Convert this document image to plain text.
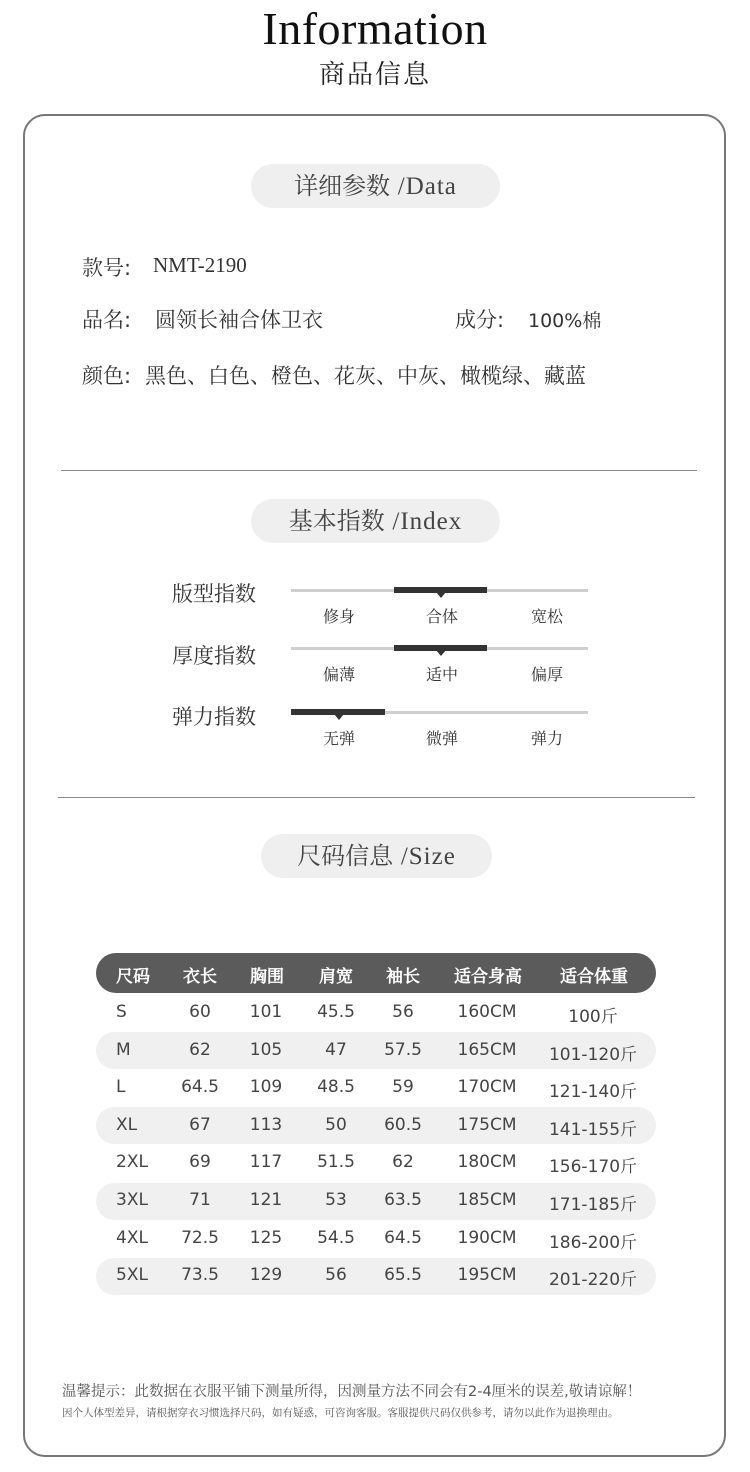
Information
商品信息
详细参数 /Data
款号: NMT-2190
品名: 圆领长袖合体卫衣	成分: 100%棉
颜色: 黑色、白色、橙色、花灰、中灰、橄榄绿、藏蓝
基本指数 /Index
版型指数
修身	合体	宽松
厚度指数
偏薄	适中	偏厚
弹力指数
无弹	微弹	弹力
尺码信息 /Size
尺码	衣长	胸围	肩宽	袖长	适合身高	适合体重
S	60	101	45.5	56	160CM	100斤
M	62	105	47	57.5	165CM	101-120斤
L	64.5	109	48.5	59	170CM	121-140斤
XL	67	113	50	60.5	175CM	141-155斤
2XL	69	117	51.5	62	180CM	156-170斤
3XL	71	121	53	63.5	185CM	171-185斤
4XL	72.5	125	54.5	64.5	190CM	186-200斤
5XL	73.5	129	56	65.5	195CM	201-220斤
温馨提示：此数据在衣服平铺下测量所得，因测量方法不同会有2-4厘米的误差,敬请谅解！
因个人体型差异，请根据穿衣习惯选择尺码，如有疑惑，可咨询客服。客服提供尺码仅供参考，请勿以此作为退换理由。
